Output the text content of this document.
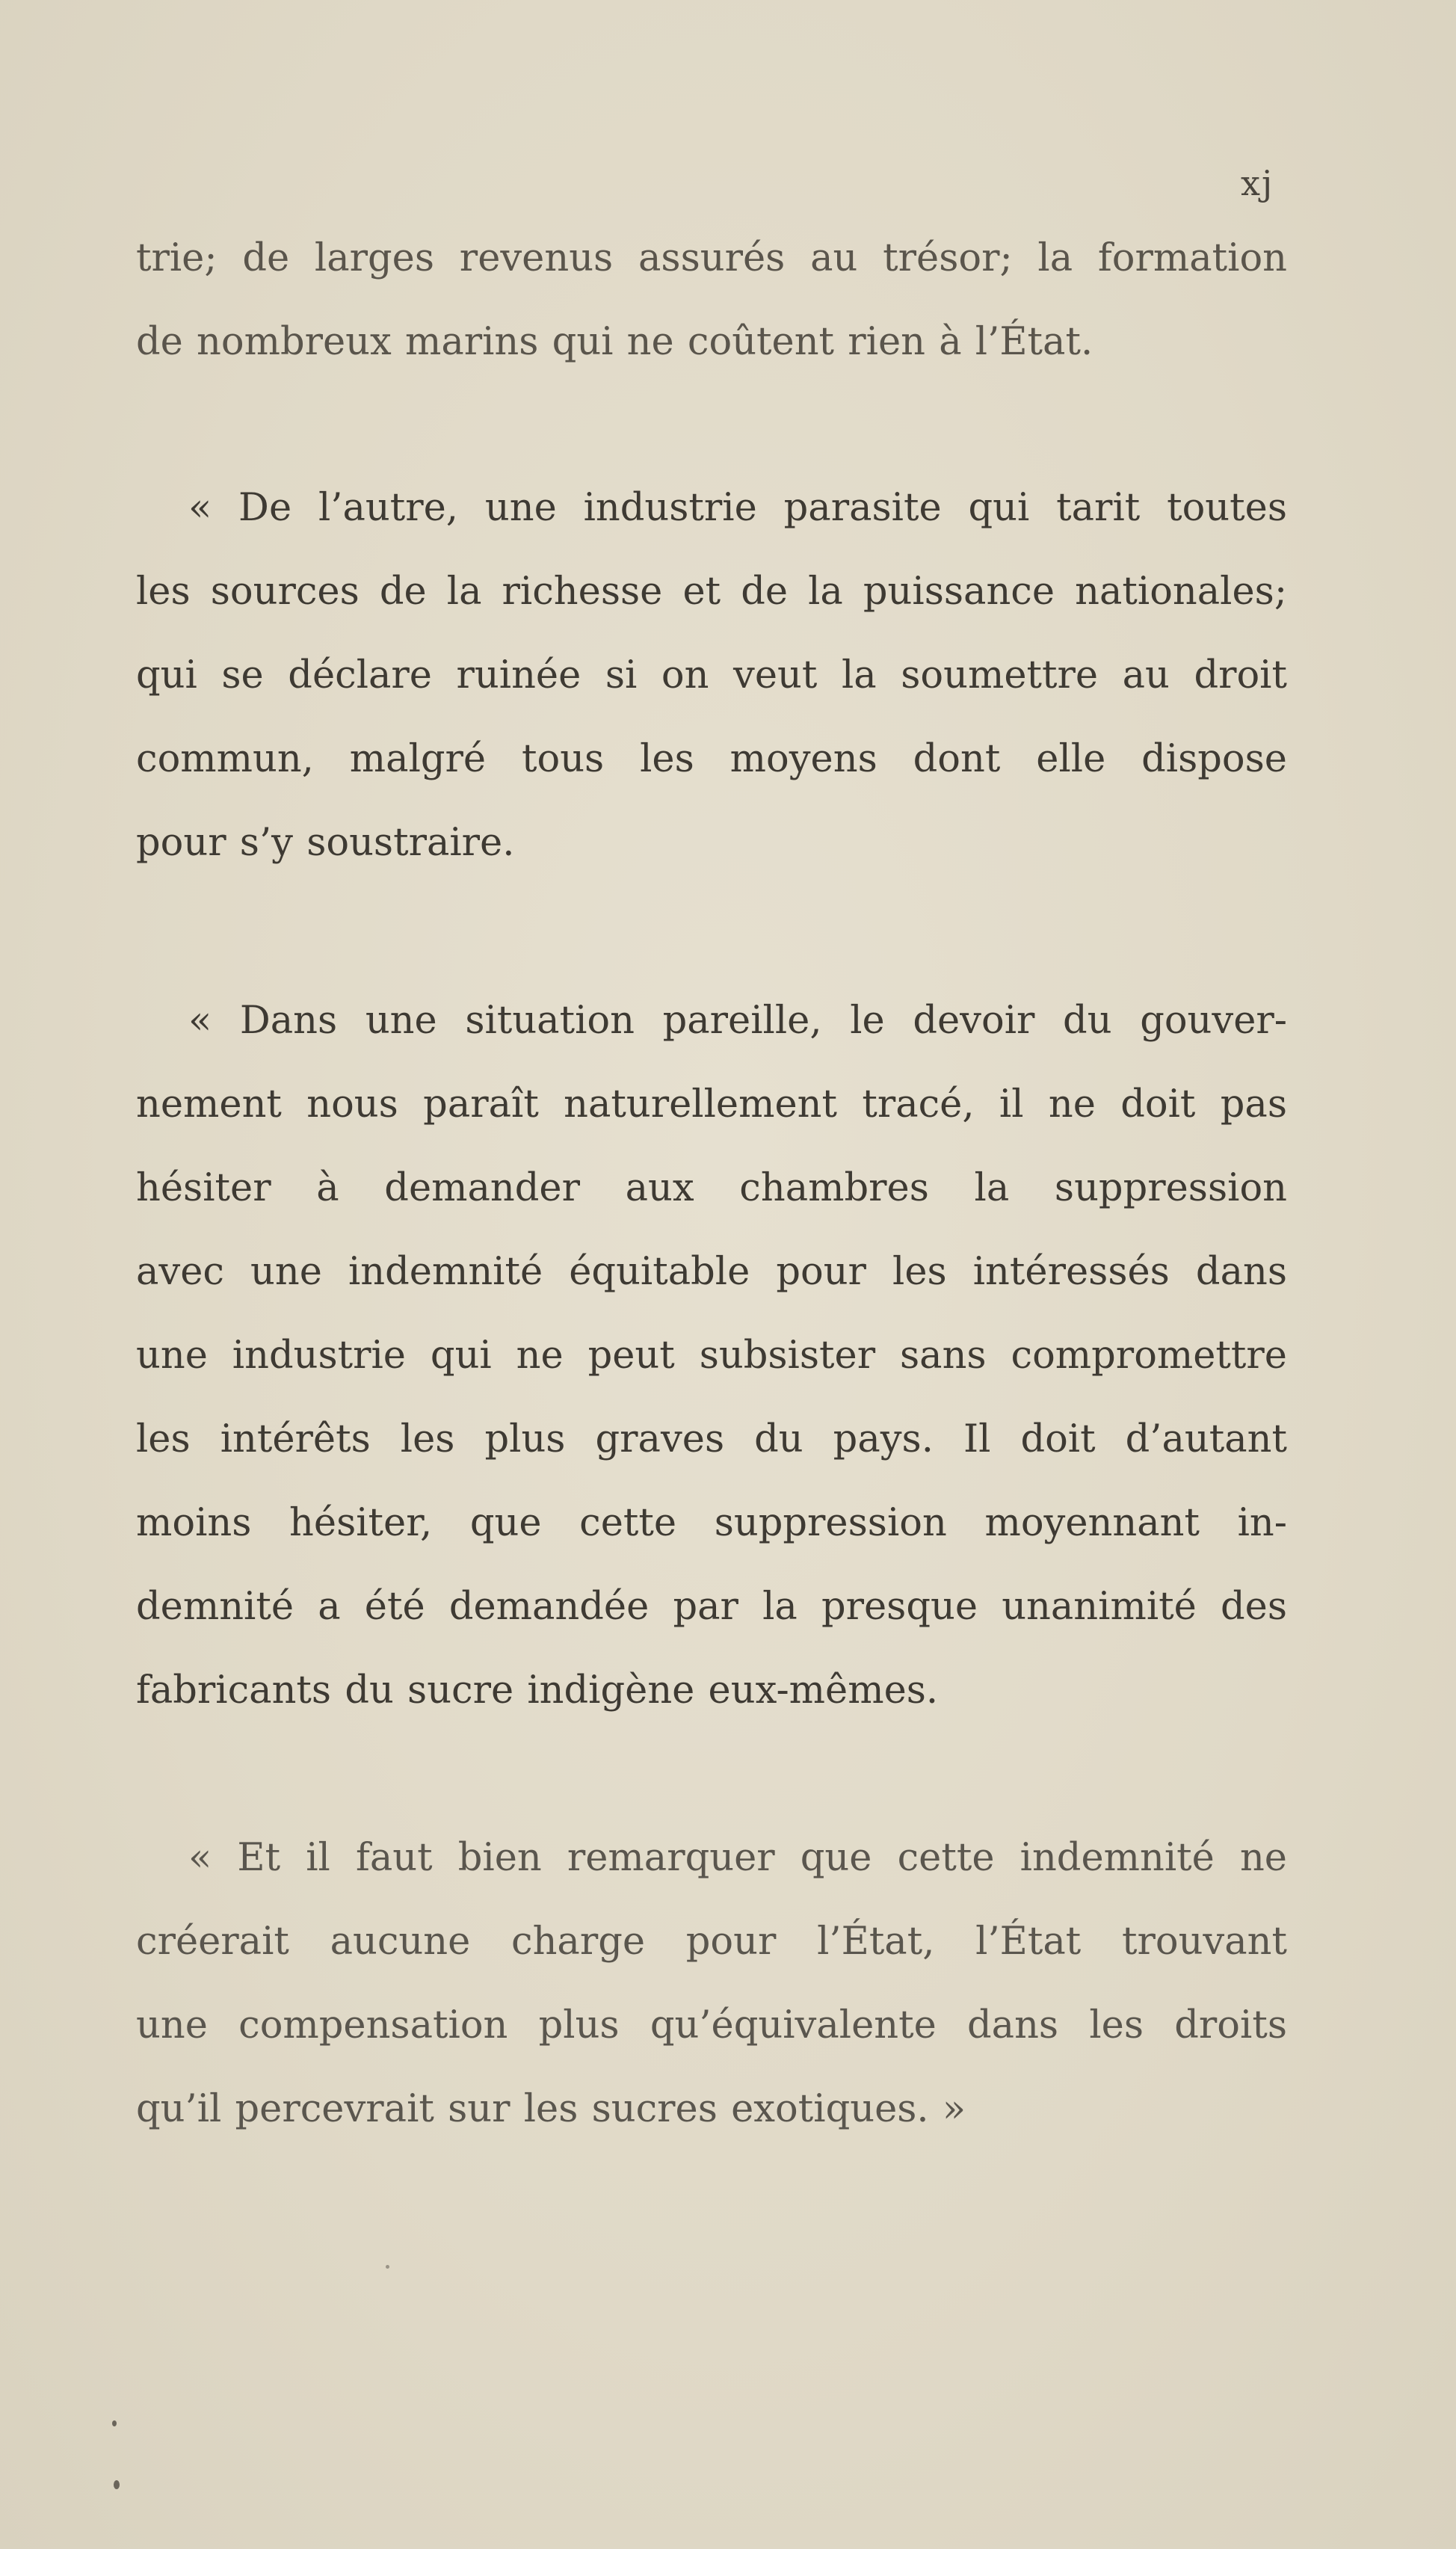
xj
trie; de larges revenus assurés au trésor; la formation
de nombreux marins qui ne coûtent rien à l’État.
« De l’autre, une industrie parasite qui tarit toutes
les sources de la richesse et de la puissance nationales;
qui se déclare ruinée si on veut la soumettre au droit
commun, malgré tous les moyens dont elle dispose
pour s’y soustraire.
« Dans une situation pareille, le devoir du gouver-
nement nous paraît naturellement tracé, il ne doit pas
hésiter à demander aux chambres la suppression
avec une indemnité équitable pour les intéressés dans
une industrie qui ne peut subsister sans compromettre
les intérêts les plus graves du pays. Il doit d’autant
moins hésiter, que cette suppression moyennant in-
demnité a été demandée par la presque unanimité des
fabricants du sucre indigène eux-mêmes.
« Et il faut bien remarquer que cette indemnité ne
créerait aucune charge pour l’État, l’État trouvant
une compensation plus qu’équivalente dans les droits
qu’il percevrait sur les sucres exotiques. »
